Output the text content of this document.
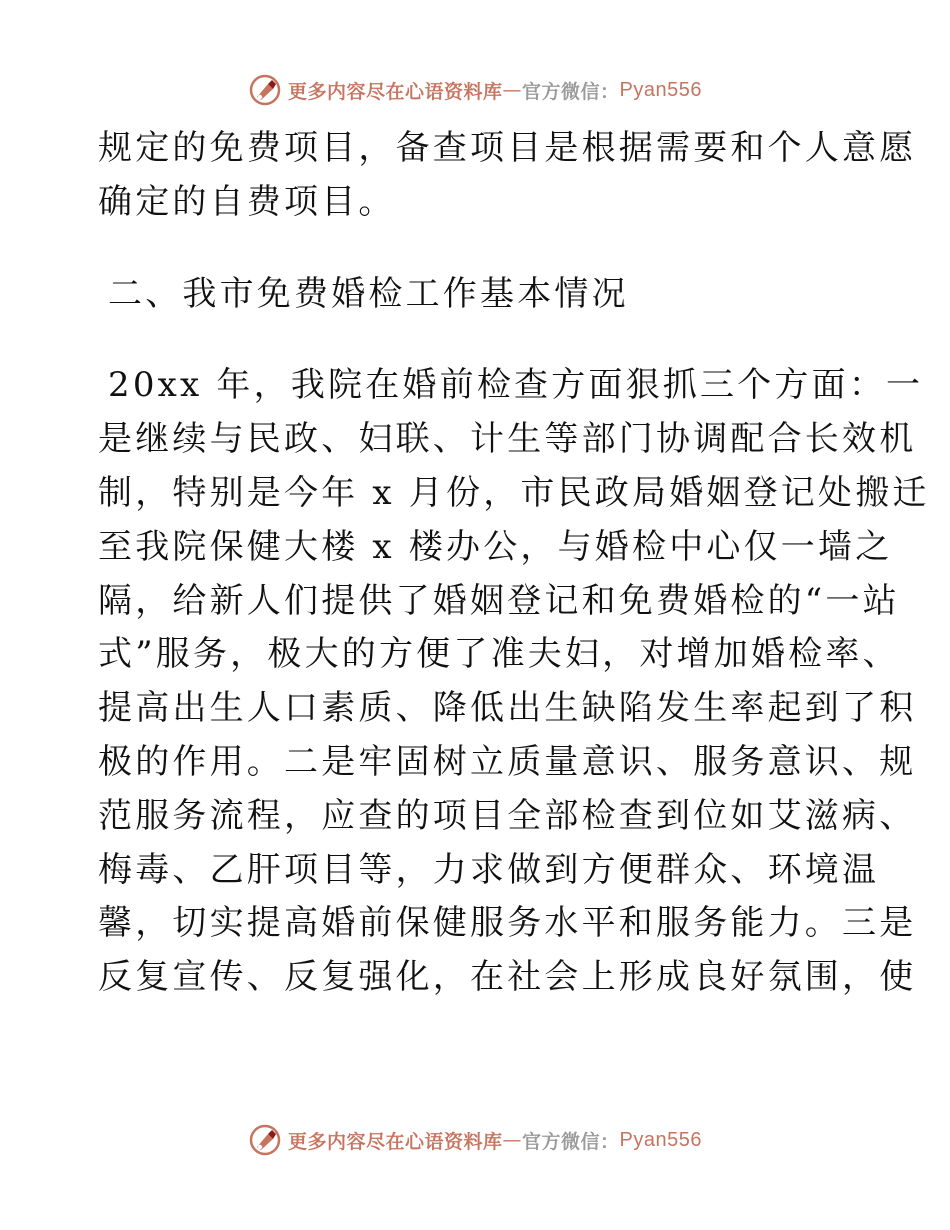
更多内容尽在心语资料库 — 官方微信： Pyan556
规定的免费项目，备查项目是根据需要和个人意愿
确定的自费项目。
二、我市免费婚检工作基本情况
20xx 年，我院在婚前检查方面狠抓三个方面：一
是继续与民政、妇联、计生等部门协调配合长效机
制，特别是今年 x 月份，市民政局婚姻登记处搬迁
至我院保健大楼 x 楼办公，与婚检中心仅一墙之
隔，给新人们提供了婚姻登记和免费婚检的“一站
式”服务，极大的方便了准夫妇，对增加婚检率、
提高出生人口素质、降低出生缺陷发生率起到了积
极的作用。二是牢固树立质量意识、服务意识、规
范服务流程，应查的项目全部检查到位如艾滋病、
梅毒、乙肝项目等，力求做到方便群众、环境温
馨，切实提高婚前保健服务水平和服务能力。三是
反复宣传、反复强化，在社会上形成良好氛围，使
更多内容尽在心语资料库 — 官方微信： Pyan556
